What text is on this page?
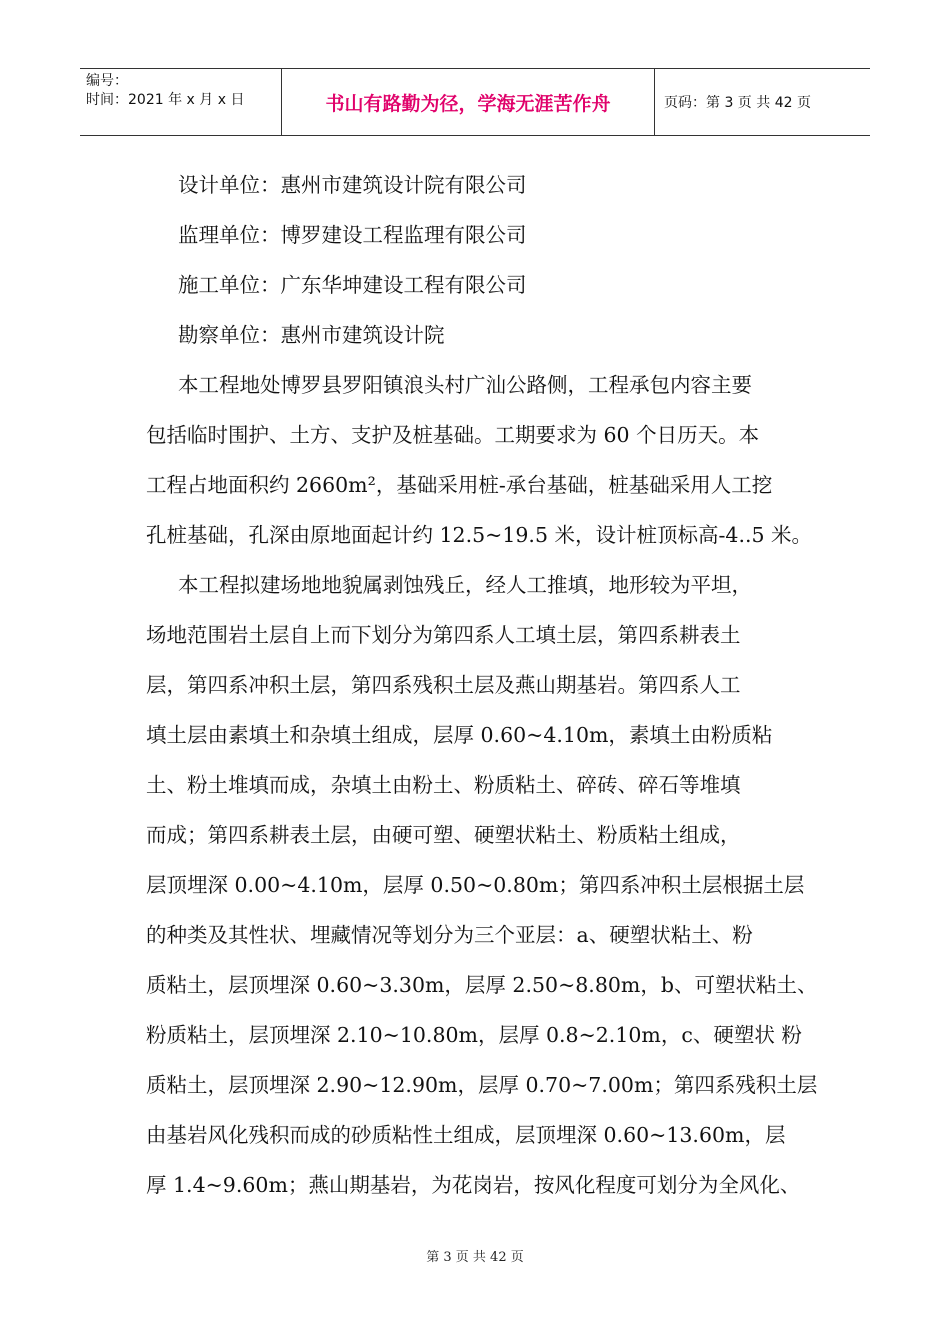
编号：
时间：2021 年 x 月 x 日	书山有路勤为径，学海无涯苦作舟	页码：第 3 页 共 42 页
设计单位：惠州市建筑设计院有限公司
监理单位：博罗建设工程监理有限公司
施工单位：广东华坤建设工程有限公司
勘察单位：惠州市建筑设计院
本工程地处博罗县罗阳镇浪头村广汕公路侧，工程承包内容主要
包括临时围护、土方、支护及桩基础。工期要求为 60 个日历天。本
工程占地面积约 2660m²，基础采用桩-承台基础，桩基础采用人工挖
孔桩基础，孔深由原地面起计约 12.5~19.5 米，设计桩顶标高-4..5 米。
本工程拟建场地地貌属剥蚀残丘，经人工推填，地形较为平坦，
场地范围岩土层自上而下划分为第四系人工填土层，第四系耕表土
层，第四系冲积土层，第四系残积土层及燕山期基岩。第四系人工
填土层由素填土和杂填土组成，层厚 0.60~4.10m，素填土由粉质粘
土、粉土堆填而成，杂填土由粉土、粉质粘土、碎砖、碎石等堆填
而成；第四系耕表土层，由硬可塑、硬塑状粘土、粉质粘土组成，
层顶埋深 0.00~4.10m，层厚 0.50~0.80m；第四系冲积土层根据土层
的种类及其性状、埋藏情况等划分为三个亚层：a、硬塑状粘土、粉
质粘土，层顶埋深 0.60~3.30m，层厚 2.50~8.80m，b、可塑状粘土、
粉质粘土，层顶埋深 2.10~10.80m，层厚 0.8~2.10m，c、硬塑状 粉
质粘土，层顶埋深 2.90~12.90m，层厚 0.70~7.00m；第四系残积土层
由基岩风化残积而成的砂质粘性土组成，层顶埋深 0.60~13.60m，层
厚 1.4~9.60m；燕山期基岩，为花岗岩，按风化程度可划分为全风化、
第 3 页 共 42 页
